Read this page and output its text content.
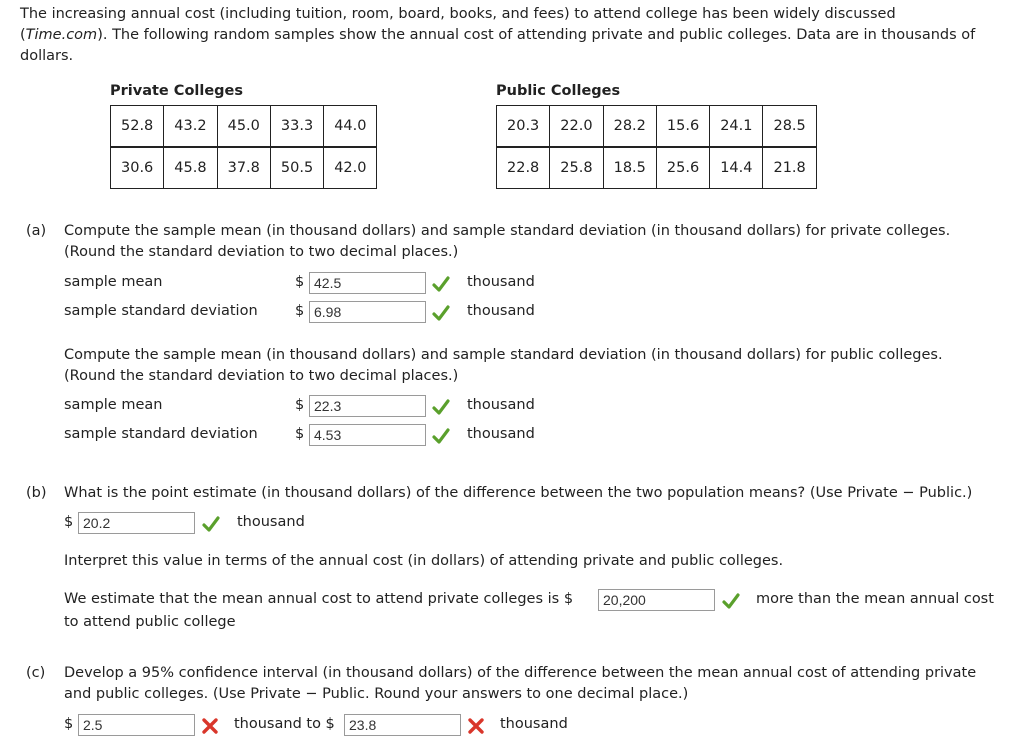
The increasing annual cost (including tuition, room, board, books, and fees) to attend college has been widely discussed
(Time.com). The following random samples show the annual cost of attending private and public colleges. Data are in thousands of
dollars.
Private Colleges
52.8	43.2	45.0	33.3	44.0
30.6	45.8	37.8	50.5	42.0
Public Colleges
20.3	22.0	28.2	15.6	24.1	28.5
22.8	25.8	18.5	25.6	14.4	21.8
(a) Compute the sample mean (in thousand dollars) and sample standard deviation (in thousand dollars) for private colleges.
(Round the standard deviation to two decimal places.)
sample mean	$ 42.5	thousand
sample standard deviation	$ 6.98	thousand
Compute the sample mean (in thousand dollars) and sample standard deviation (in thousand dollars) for public colleges.
(Round the standard deviation to two decimal places.)
sample mean	$ 22.3	thousand
sample standard deviation	$ 4.53	thousand
(b) What is the point estimate (in thousand dollars) of the difference between the two population means? (Use Private − Public.)
$ 20.2	thousand
Interpret this value in terms of the annual cost (in dollars) of attending private and public colleges.
We estimate that the mean annual cost to attend private colleges is $	20,200	more than the mean annual cost
to attend public college
(c) Develop a 95% confidence interval (in thousand dollars) of the difference between the mean annual cost of attending private
and public colleges. (Use Private − Public. Round your answers to one decimal place.)
$ 2.5	thousand to $	23.8	thousand
